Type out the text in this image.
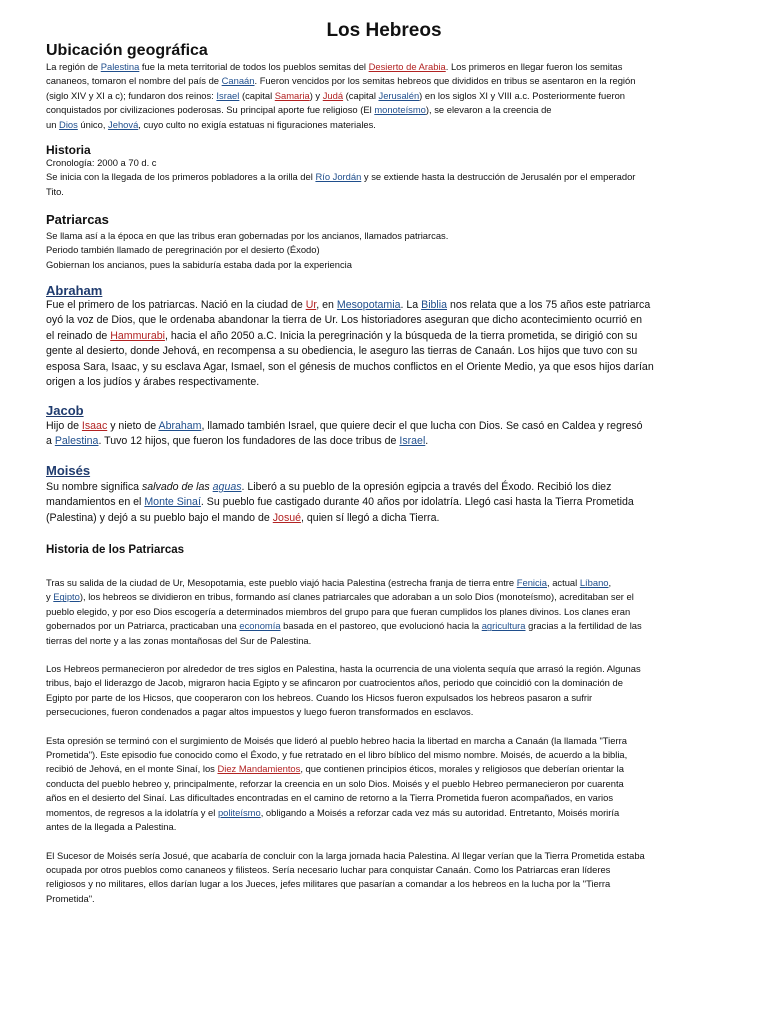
Los Hebreos
Ubicación geográfica
La región de Palestina fue la meta territorial de todos los pueblos semitas del Desierto de Arabia. Los primeros en llegar fueron los semitas
cananeos, tomaron el nombre del país de Canaán. Fueron vencidos por los semitas hebreos que divididos en tribus se asentaron en la región
(siglo XIV y XI a c); fundaron dos reinos: Israel (capital Samaria) y Judá (capital Jerusalén) en los siglos XI y VIII a.c. Posteriormente fueron
conquistados por civilizaciones poderosas. Su principal aporte fue religioso (El monoteísmo), se elevaron a la creencia de
un Dios único, Jehová, cuyo culto no exigía estatuas ni figuraciones materiales.
Historia
Cronología: 2000 a 70 d. c
Se inicia con la llegada de los primeros pobladores a la orilla del Río Jordán y se extiende hasta la destrucción de Jerusalén por el emperador
Tito.
Patriarcas
Se llama así a la época en que las tribus eran gobernadas por los ancianos, llamados patriarcas.
Periodo también llamado de peregrinación por el desierto (Éxodo)
Gobiernan los ancianos, pues la sabiduría estaba dada por la experiencia
Abraham
Fue el primero de los patriarcas. Nació en la ciudad de Ur, en Mesopotamia. La Biblia nos relata que a los 75 años este patriarca
oyó la voz de Dios, que le ordenaba abandonar la tierra de Ur. Los historiadores aseguran que dicho acontecimiento ocurrió en
el reinado de Hammurabi, hacia el año 2050 a.C. Inicia la peregrinación y la búsqueda de la tierra prometida, se dirigió con su
gente al desierto, donde Jehová, en recompensa a su obediencia, le aseguro las tierras de Canaán. Los hijos que tuvo con su
esposa Sara, Isaac, y su esclava Agar, Ismael, son el génesis de muchos conflictos en el Oriente Medio, ya que esos hijos darían
origen a los judíos y árabes respectivamente.
Jacob
Hijo de Isaac y nieto de Abraham, llamado también Israel, que quiere decir el que lucha con Dios. Se casó en Caldea y regresó
a Palestina. Tuvo 12 hijos, que fueron los fundadores de las doce tribus de Israel.
Moisés
Su nombre significa salvado de las aguas. Liberó a su pueblo de la opresión egipcia a través del Éxodo. Recibió los diez
mandamientos en el Monte Sinaí. Su pueblo fue castigado durante 40 años por idolatría. Llegó casi hasta la Tierra Prometida
(Palestina) y dejó a su pueblo bajo el mando de Josué, quien sí llegó a dicha Tierra.
Historia de los Patriarcas
Tras su salida de la ciudad de Ur, Mesopotamia, este pueblo viajó hacia Palestina (estrecha franja de tierra entre Fenicia, actual Líbano,
y Egipto), los hebreos se dividieron en tribus, formando así clanes patriarcales que adoraban a un solo Dios (monoteísmo), acreditaban ser el
pueblo elegido, y por eso Dios escogería a determinados miembros del grupo para que fueran cumplidos los planes divinos. Los clanes eran
gobernados por un Patriarca, practicaban una economía basada en el pastoreo, que evolucionó hacia la agricultura gracias a la fertilidad de las
tierras del norte y a las zonas montañosas del Sur de Palestina.
Los Hebreos permanecieron por alrededor de tres siglos en Palestina, hasta la ocurrencia de una violenta sequía que arrasó la región. Algunas
tribus, bajo el liderazgo de Jacob, migraron hacia Egipto y se afincaron por cuatrocientos años, periodo que coincidió con la dominación de
Egipto por parte de los Hicsos, que cooperaron con los hebreos. Cuando los Hicsos fueron expulsados los hebreos pasaron a sufrir
persecuciones, fueron condenados a pagar altos impuestos y luego fueron transformados en esclavos.
Esta opresión se terminó con el surgimiento de Moisés que lideró al pueblo hebreo hacia la libertad en marcha a Canaán (la llamada "Tierra
Prometida"). Este episodio fue conocido como el Éxodo, y fue retratado en el libro bíblico del mismo nombre. Moisés, de acuerdo a la biblia,
recibió de Jehová, en el monte Sinaí, los Diez Mandamientos, que contienen principios éticos, morales y religiosos que deberían orientar la
conducta del pueblo hebreo y, principalmente, reforzar la creencia en un solo Dios. Moisés y el pueblo Hebreo permanecieron por cuarenta
años en el desierto del Sinaí. Las dificultades encontradas en el camino de retorno a la Tierra Prometida fueron acompañados, en varios
momentos, de regresos a la idolatría y el politeísmo, obligando a Moisés a reforzar cada vez más su autoridad. Entretanto, Moisés moriría
antes de la llegada a Palestina.
El Sucesor de Moisés sería Josué, que acabaría de concluir con la larga jornada hacia Palestina. Al llegar verían que la Tierra Prometida estaba
ocupada por otros pueblos como cananeos y filisteos. Sería necesario luchar para conquistar Canaán. Como los Patriarcas eran líderes
religiosos y no militares, ellos darían lugar a los Jueces, jefes militares que pasarían a comandar a los hebreos en la lucha por la "Tierra
Prometida".
